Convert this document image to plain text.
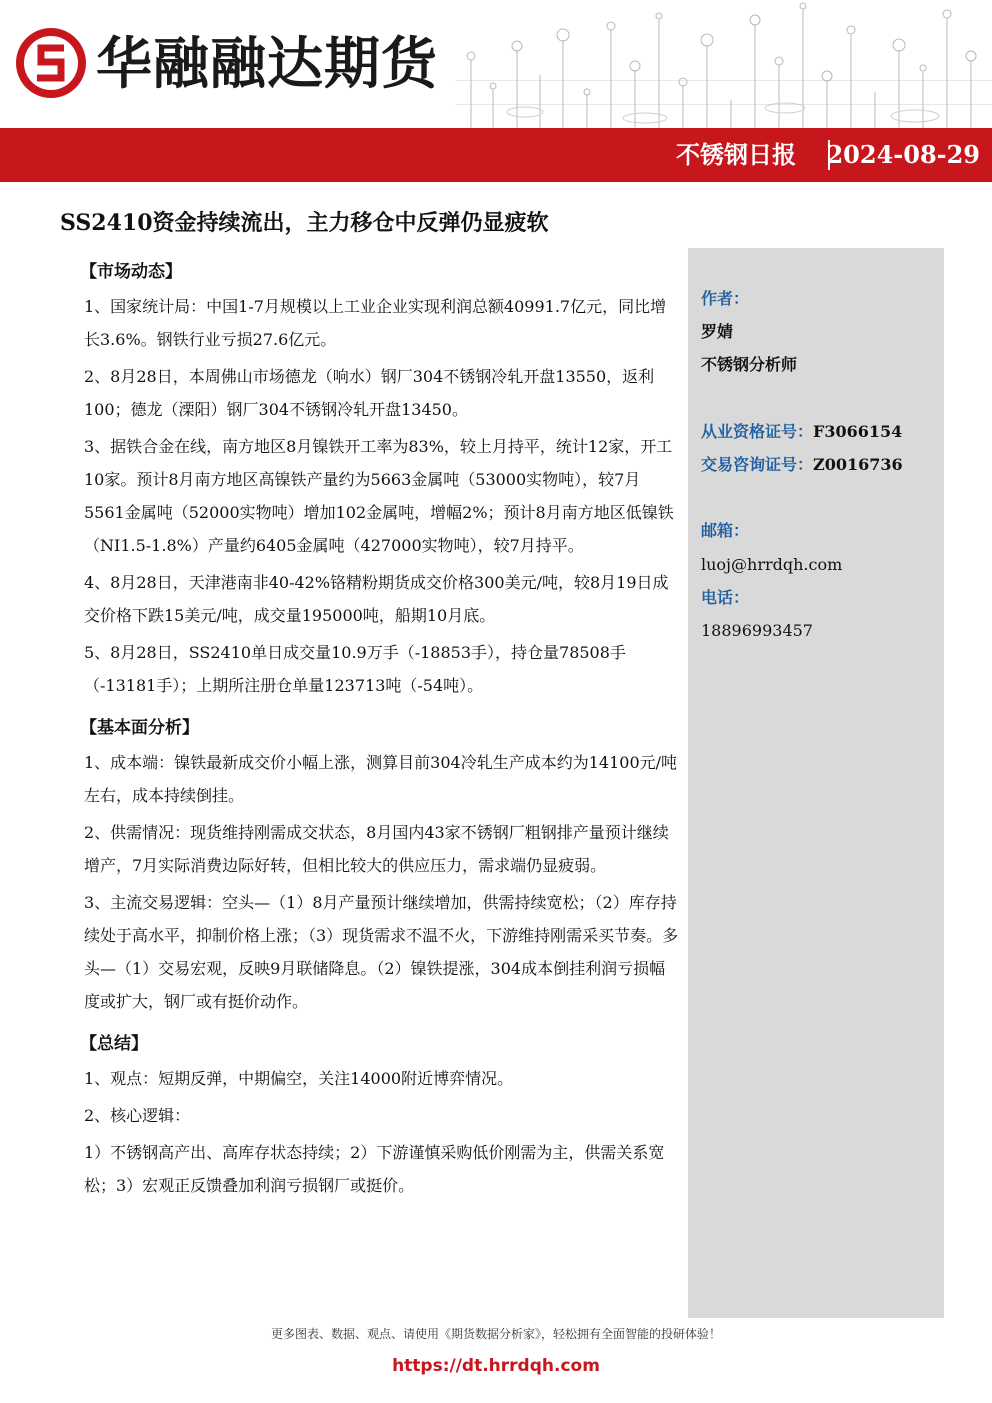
华融融达期货
不锈钢日报 2024-08-29
SS2410资金持续流出，主力移仓中反弹仍显疲软
【市场动态】

1、国家统计局：中国1-7月规模以上工业企业实现利润总额40991.7亿元，同比增长3.6%。钢铁行业亏损27.6亿元。

2、8月28日，本周佛山市场德龙（响水）钢厂304不锈钢冷轧开盘13550，返利100；德龙（溧阳）钢厂304不锈钢冷轧开盘13450。

3、据铁合金在线，南方地区8月镍铁开工率为83%，较上月持平，统计12家，开工10家。预计8月南方地区高镍铁产量约为5663金属吨（53000实物吨），较7月5561金属吨（52000实物吨）增加102金属吨，增幅2%；预计8月南方地区低镍铁（NI1.5-1.8%）产量约6405金属吨（427000实物吨），较7月持平。

4、8月28日，天津港南非40-42%铬精粉期货成交价格300美元/吨，较8月19日成交价格下跌15美元/吨，成交量195000吨，船期10月底。

5、8月28日，SS2410单日成交量10.9万手（-18853手），持仓量78508手（-13181手）；上期所注册仓单量123713吨（-54吨）。

【基本面分析】

1、成本端：镍铁最新成交价小幅上涨，测算目前304冷轧生产成本约为14100元/吨左右，成本持续倒挂。

2、供需情况：现货维持刚需成交状态，8月国内43家不锈钢厂粗钢排产量预计继续增产，7月实际消费边际好转，但相比较大的供应压力，需求端仍显疲弱。

3、主流交易逻辑：空头—（1）8月产量预计继续增加，供需持续宽松；（2）库存持续处于高水平，抑制价格上涨；（3）现货需求不温不火，下游维持刚需采买节奏。多头—（1）交易宏观，反映9月联储降息。（2）镍铁提涨，304成本倒挂利润亏损幅度或扩大，钢厂或有挺价动作。

【总结】

1、观点：短期反弹，中期偏空，关注14000附近博弈情况。

2、核心逻辑：

1）不锈钢高产出、高库存状态持续；2）下游谨慎采购低价刚需为主，供需关系宽松；3）宏观正反馈叠加利润亏损钢厂或挺价。

作者：
罗婧
不锈钢分析师
从业资格证号：F3066154
交易咨询证号：Z0016736
邮箱：
luoj@hrrdqh.com
电话：
18896993457
更多图表、数据、观点、请使用《期货数据分析家》，轻松拥有全面智能的投研体验！
https://dt.hrrdqh.com
